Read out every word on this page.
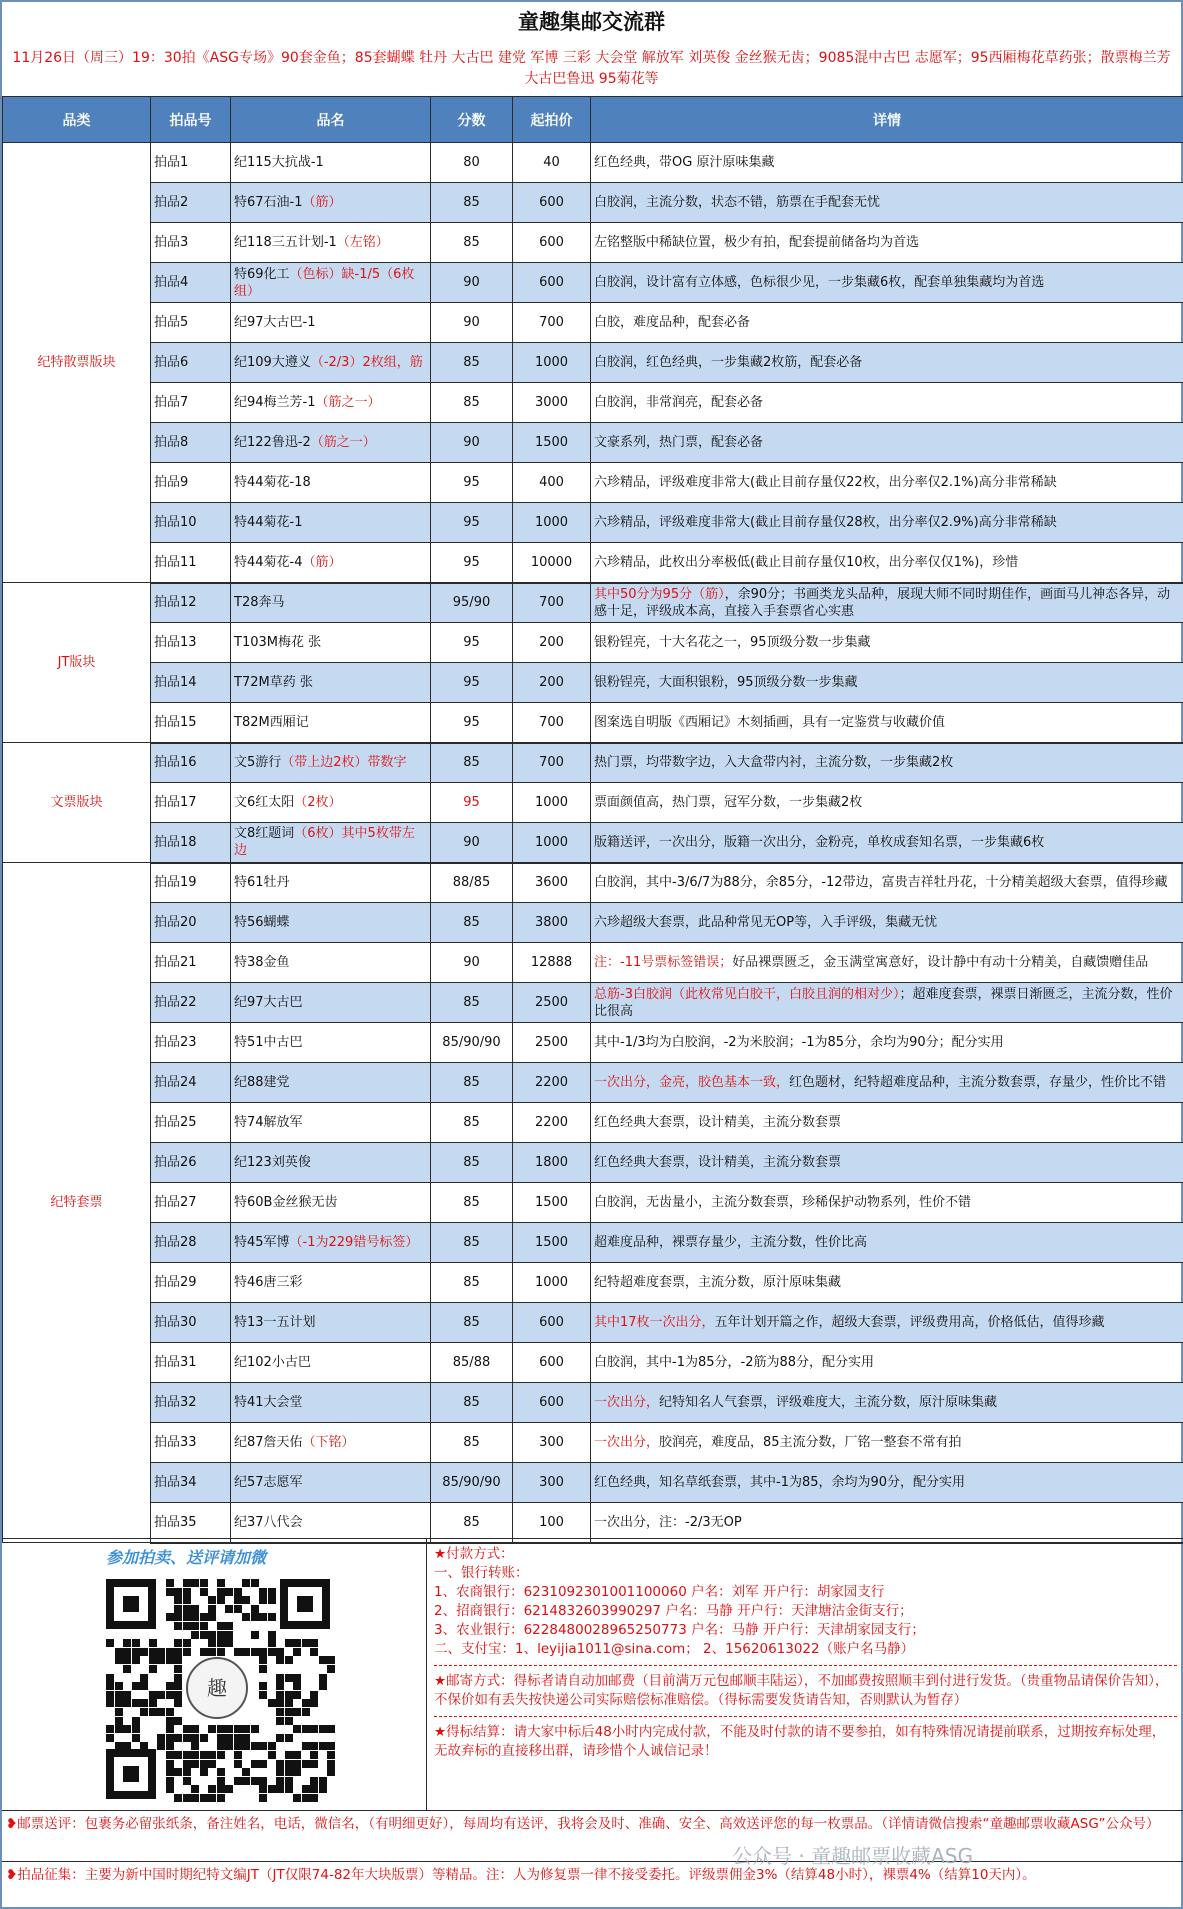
童趣集邮交流群
11月26日（周三）19：30拍《ASG专场》90套金鱼；85套蝴蝶 牡丹 大古巴 建党 军博 三彩 大会堂 解放军 刘英俊 金丝猴无齿；9085混中古巴 志愿军；95西厢梅花草药张；散票梅兰芳大古巴鲁迅 95菊花等
品类	拍品号	品名	分数	起拍价	详情
纪特散票版块	拍品1	纪115大抗战-1	80	40	红色经典，带OG 原汁原味集藏
	拍品2	特67石油-1（筋）	85	600	白胶润，主流分数，状态不错，筋票在手配套无忧
	拍品3	纪118三五计划-1（左铭）	85	600	左铭整版中稀缺位置，极少有拍，配套提前储备均为首选
	拍品4	特69化工（色标）缺-1/5（6枚组）	90	600	白胶润，设计富有立体感，色标很少见，一步集藏6枚，配套单独集藏均为首选
	拍品5	纪97大古巴-1	90	700	白胶，难度品种，配套必备
	拍品6	纪109大遵义（-2/3）2枚组，筋	85	1000	白胶润，红色经典，一步集藏2枚筋，配套必备
	拍品7	纪94梅兰芳-1（筋之一）	85	3000	白胶润，非常润亮，配套必备
	拍品8	纪122鲁迅-2（筋之一）	90	1500	文豪系列，热门票，配套必备
	拍品9	特44菊花-18	95	400	六珍精品，评级难度非常大(截止目前存量仅22枚，出分率仅2.1%)高分非常稀缺
	拍品10	特44菊花-1	95	1000	六珍精品，评级难度非常大(截止目前存量仅28枚，出分率仅2.9%)高分非常稀缺
	拍品11	特44菊花-4（筋）	95	10000	六珍精品，此枚出分率极低(截止目前存量仅10枚，出分率仅仅1%)，珍惜
JT版块	拍品12	T28奔马	95/90	700	其中50分为95分（筋），余90分；书画类龙头品种，展现大师不同时期佳作，画面马儿神态各异，动感十足，评级成本高，直接入手套票省心实惠
	拍品13	T103M梅花 张	95	200	银粉锃亮，十大名花之一，95顶级分数一步集藏
	拍品14	T72M草药 张	95	200	银粉锃亮，大面积银粉，95顶级分数一步集藏
	拍品15	T82M西厢记	95	700	图案选自明版《西厢记》木刻插画，具有一定鉴赏与收藏价值
文票版块	拍品16	文5游行（带上边2枚）带数字	85	700	热门票，均带数字边，入大盒带内衬，主流分数，一步集藏2枚
	拍品17	文6红太阳（2枚）	95	1000	票面颜值高，热门票，冠军分数，一步集藏2枚
	拍品18	文8红题词（6枚）其中5枚带左边	90	1000	版籍送评，一次出分，版籍一次出分，金粉亮，单枚成套知名票，一步集藏6枚
纪特套票	拍品19	特61牡丹	88/85	3600	白胶润，其中-3/6/7为88分，余85分，-12带边，富贵吉祥牡丹花，十分精美超级大套票，值得珍藏
	拍品20	特56蝴蝶	85	3800	六珍超级大套票，此品种常见无OP等，入手评级，集藏无忧
	拍品21	特38金鱼	90	12888	注：-11号票标签错误；好品裸票匮乏，金玉满堂寓意好，设计静中有动十分精美，自藏馈赠佳品
	拍品22	纪97大古巴	85	2500	总筋-3白胶润（此枚常见白胶干，白胶且润的相对少）；超难度套票，裸票日渐匮乏，主流分数，性价比很高
	拍品23	特51中古巴	85/90/90	2500	其中-1/3均为白胶润，-2为米胶润；-1为85分，余均为90分；配分实用
	拍品24	纪88建党	85	2200	一次出分，金亮，胶色基本一致，红色题材，纪特超难度品种，主流分数套票，存量少，性价比不错
	拍品25	特74解放军	85	2200	红色经典大套票，设计精美，主流分数套票
	拍品26	纪123刘英俊	85	1800	红色经典大套票，设计精美，主流分数套票
	拍品27	特60B金丝猴无齿	85	1500	白胶润，无齿量小，主流分数套票，珍稀保护动物系列，性价不错
	拍品28	特45军博（-1为229错号标签）	85	1500	超难度品种，裸票存量少，主流分数，性价比高
	拍品29	特46唐三彩	85	1000	纪特超难度套票，主流分数，原汁原味集藏
	拍品30	特13一五计划	85	600	其中17枚一次出分，五年计划开篇之作，超级大套票，评级费用高，价格低估，值得珍藏
	拍品31	纪102小古巴	85/88	600	白胶润，其中-1为85分，-2筋为88分，配分实用
	拍品32	特41大会堂	85	600	一次出分，纪特知名人气套票，评级难度大，主流分数，原汁原味集藏
	拍品33	纪87詹天佑（下铭）	85	300	一次出分，胶润亮，难度品，85主流分数，厂铭一整套不常有拍
	拍品34	纪57志愿军	85/90/90	300	红色经典，知名草纸套票，其中-1为85，余均为90分，配分实用
	拍品35	纪37八代会	85	100	一次出分，注：-2/3无OP
参加拍卖、送评请加微
趣
★付款方式：
一、银行转账：
1、农商银行：6231092301001100060 户名：刘军 开户行：胡家园支行
2、招商银行：6214832603990297 户名：马静 开户行：天津塘沽金街支行；
3、农业银行：6228480028965250773 户名：马静 开户行：天津胡家园支行；
二、支付宝：1、leyijia1011@sina.com； 2、15620613022（账户名马静）
★邮寄方式：得标者请自动加邮费（目前满万元包邮顺丰陆运），不加邮费按照顺丰到付进行发货。（贵重物品请保价告知），不保价如有丢失按快递公司实际赔偿标准赔偿。（得标需要发货请告知，否则默认为暂存）
★得标结算：请大家中标后48小时内完成付款，不能及时付款的请不要参拍，如有特殊情况请提前联系，过期按弃标处理，无故弃标的直接移出群，请珍惜个人诚信记录！
❥邮票送评：包裹务必留张纸条，备注姓名，电话，微信名，（有明细更好），每周均有送评，我将会及时、准确、安全、高效送评您的每一枚票品。（详情请微信搜索“童趣邮票收藏ASG”公众号）
❥拍品征集：主要为新中国时期纪特文编JT（JT仅限74-82年大块版票）等精品。注：人为修复票一律不接受委托。评级票佣金3%（结算48小时），裸票4%（结算10天内）。
公众号 · 童趣邮票收藏ASG
